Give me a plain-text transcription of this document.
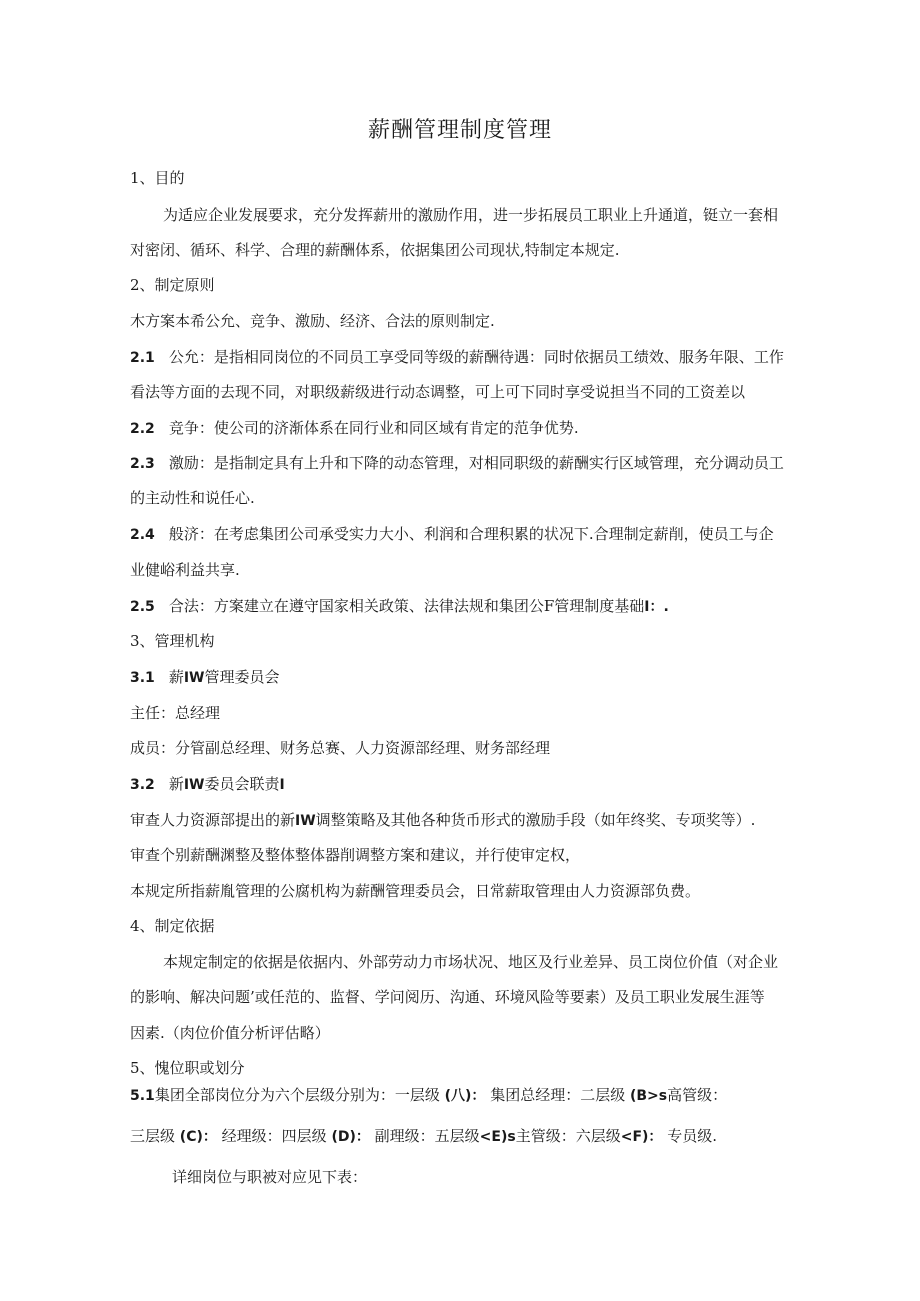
薪酬管理制度管理
1、目的
为适应企业发展要求，充分发挥薪卅的激励作用，进一步拓展员工职业上升通道，铤立一套相
对密闭、循环、科学、合理的薪酬体系，依据集团公司现状,特制定本规定.
2、制定原则
木方案本希公允、竞争、激励、经济、合法的原则制定.
2.1 公允：是指相同岗位的不同员工享受同等级的薪酬待遇：同时依据员工绩效、服务年限、工作
看法等方面的去现不同，对职级薪级进行动态调整，可上可下同时享受说担当不同的工资差以
2.2 竞争：使公司的济渐体系在同行业和同区域有肯定的范争优势.
2.3 激励：是指制定具有上升和下降的动态管理，对相同职级的薪酬实行区域管理，充分调动员工
的主动性和说任心.
2.4 般济：在考虑集团公司承受实力大小、利润和合理积累的状况下.合理制定薪削，使员工与企
业健峪利益共享.
2.5 合法：方案建立在遵守国家相关政策、法律法规和集团公F管理制度基础I：.
3、管理机构
3.1 薪IW管理委员会
主任：总经理
成员：分管副总经理、财务总赛、人力资源部经理、财务部经理
3.2 新IW委员会联责I
审查人力资源部提出的新IW调整策略及其他各种货币形式的激励手段（如年终奖、专项奖等）.
审查个别薪酬渊整及整体整体器削调整方案和建议，并行使审定权，
本规定所指薪胤管理的公腐机构为薪酬管理委员会，日常薪取管理由人力资源部负费。
4、制定依据
本规定制定的依据是依据内、外部劳动力市场状况、地区及行业差异、员工岗位价值（对企业
的影响、解决问题’或任范的、监督、学问阅历、沟通、环境风险等要素）及员工职业发展生涯等
因素.（肉位价值分析评估略）
5、愧位职或划分
5.1集团全部岗位分为六个层级分别为：一层级 (八)： 集团总经理：二层级 (B>s高管级：
三层级 (C)： 经理级：四层级 (D)： 副理级：五层级<E)s主管级：六层级<F)： 专员级.
详细岗位与职被对应见下表：
